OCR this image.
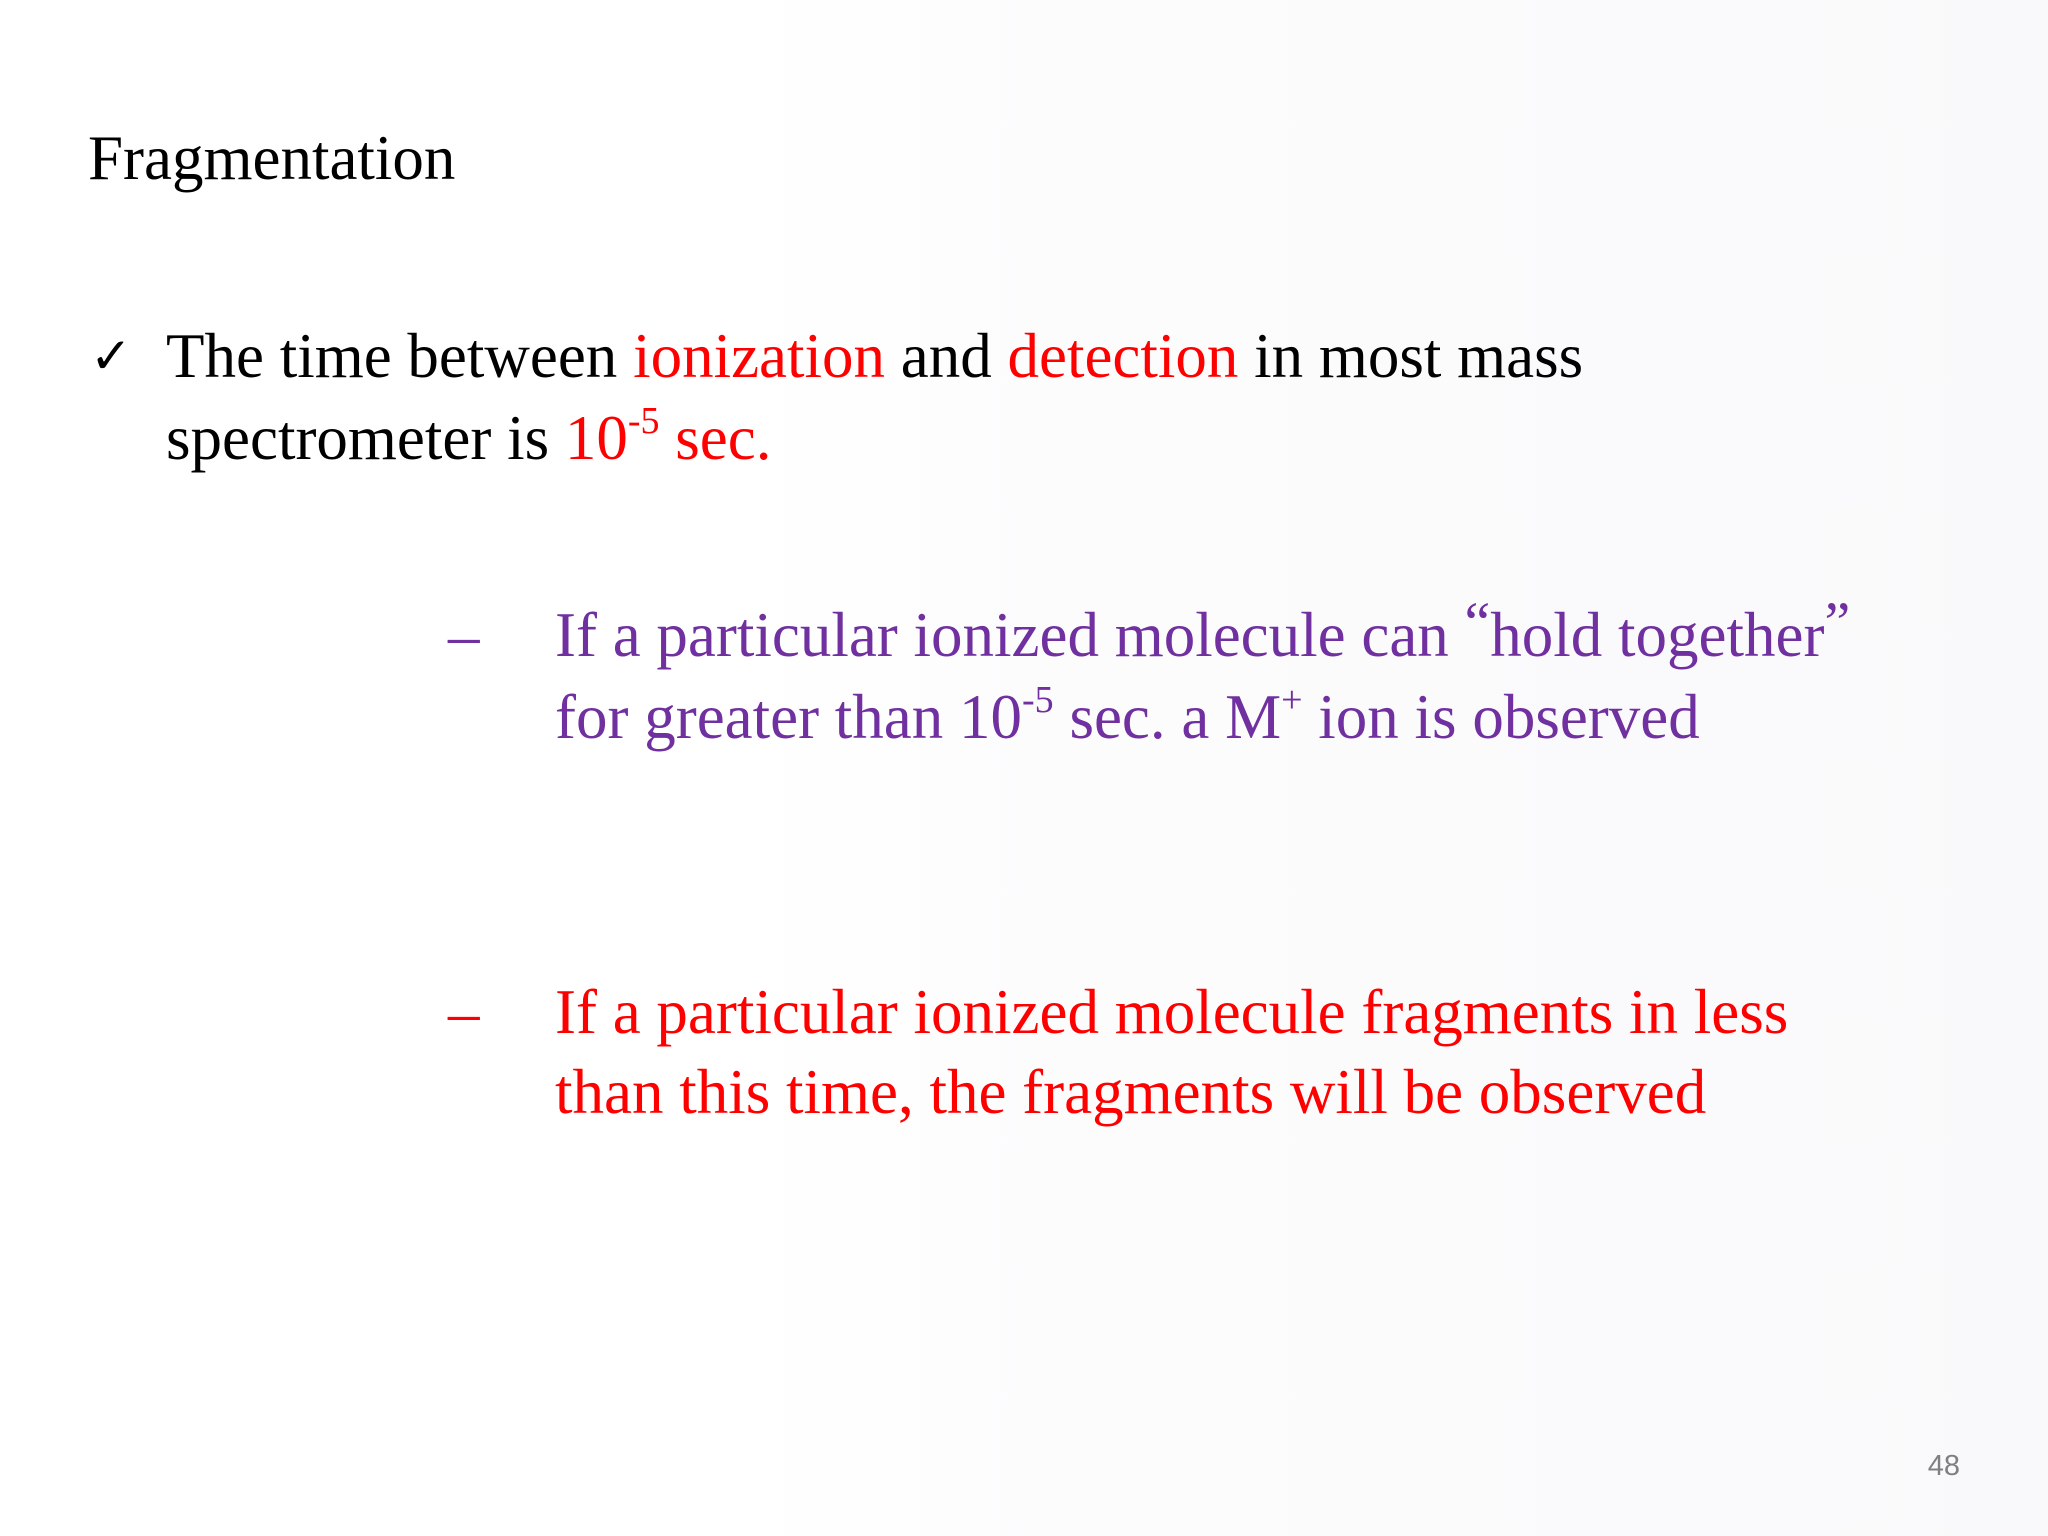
Fragmentation
✓ The time between ionization and detection in most mass
spectrometer is $10^{-5}$ sec.
– If a particular ionized molecule can “hold together”
for greater than $10^{-5}$ sec. a M+ ion is observed
– If a particular ionized molecule fragments in less
than this time, the fragments will be observed
48
